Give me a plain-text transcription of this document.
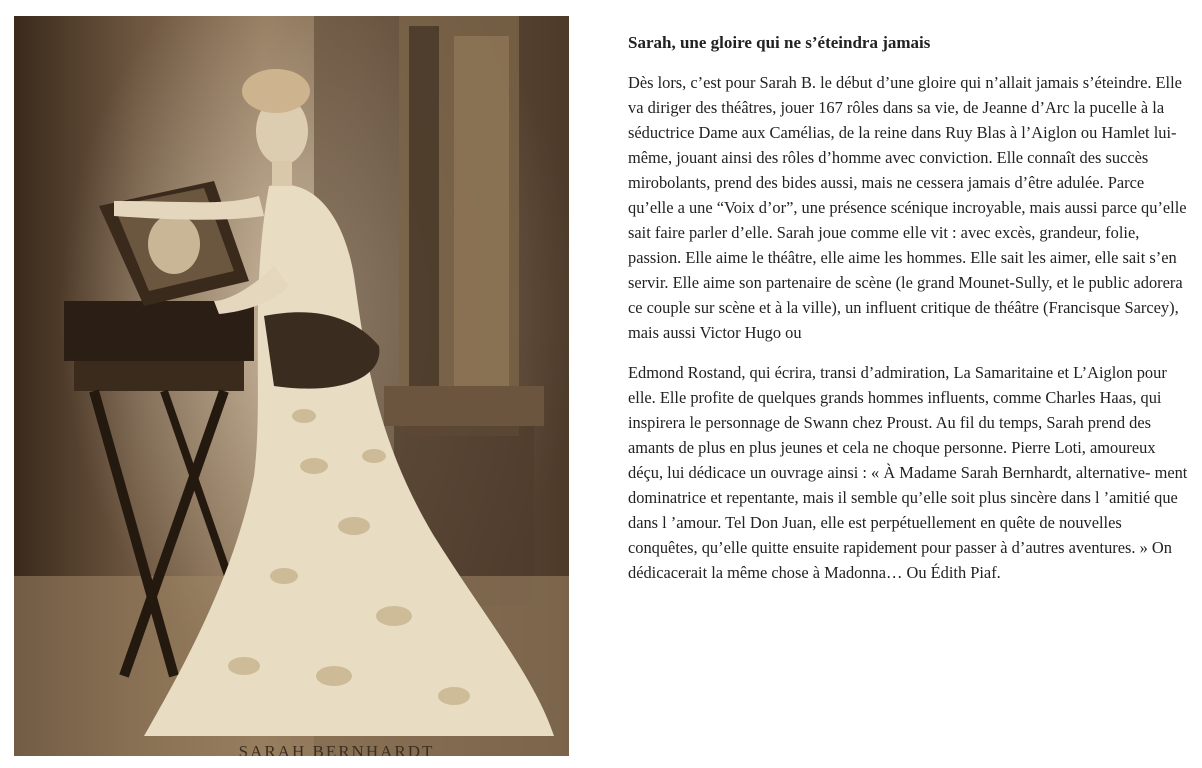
SARAH BERNHARDT
Sarah, une gloire qui ne s’éteindra jamais

Dès lors, c’est pour Sarah B. le début d’une gloire qui n’allait jamais s’éteindre. Elle va diriger des théâtres, jouer 167 rôles dans sa vie, de Jeanne d’Arc la pucelle à la séductrice Dame aux Camélias, de la reine dans Ruy Blas à l’Aiglon ou Hamlet lui-même, jouant ainsi des rôles d’homme avec conviction. Elle connaît des succès mirobolants, prend des bides aussi, mais ne cessera jamais d’être adulée. Parce qu’elle a une “Voix d’or”, une présence scénique incroyable, mais aussi parce qu’elle sait faire parler d’elle. Sarah joue comme elle vit : avec excès, grandeur, folie, passion. Elle aime le théâtre, elle aime les hommes. Elle sait les aimer, elle sait s’en servir. Elle aime son partenaire de scène (le grand Mounet-Sully, et le public adorera ce couple sur scène et à la ville), un influent critique de théâtre (Francisque Sarcey), mais aussi Victor Hugo ou

Edmond Rostand, qui écrira, transi d’admiration, La Samaritaine et L’Aiglon pour elle. Elle profite de quelques grands hommes influents, comme Charles Haas, qui inspirera le personnage de Swann chez Proust. Au fil du temps, Sarah prend des amants de plus en plus jeunes et cela ne choque personne. Pierre Loti, amoureux déçu, lui dédicace un ouvrage ainsi : « À Madame Sarah Bernhardt, alternative- ment dominatrice et repentante, mais il semble qu’elle soit plus sincère dans l ’amitié que dans l ’amour. Tel Don Juan, elle est perpétuellement en quête de nouvelles conquêtes, qu’elle quitte ensuite rapidement pour passer à d’autres aventures. » On dédicacerait la même chose à Madonna… Ou Édith Piaf.
